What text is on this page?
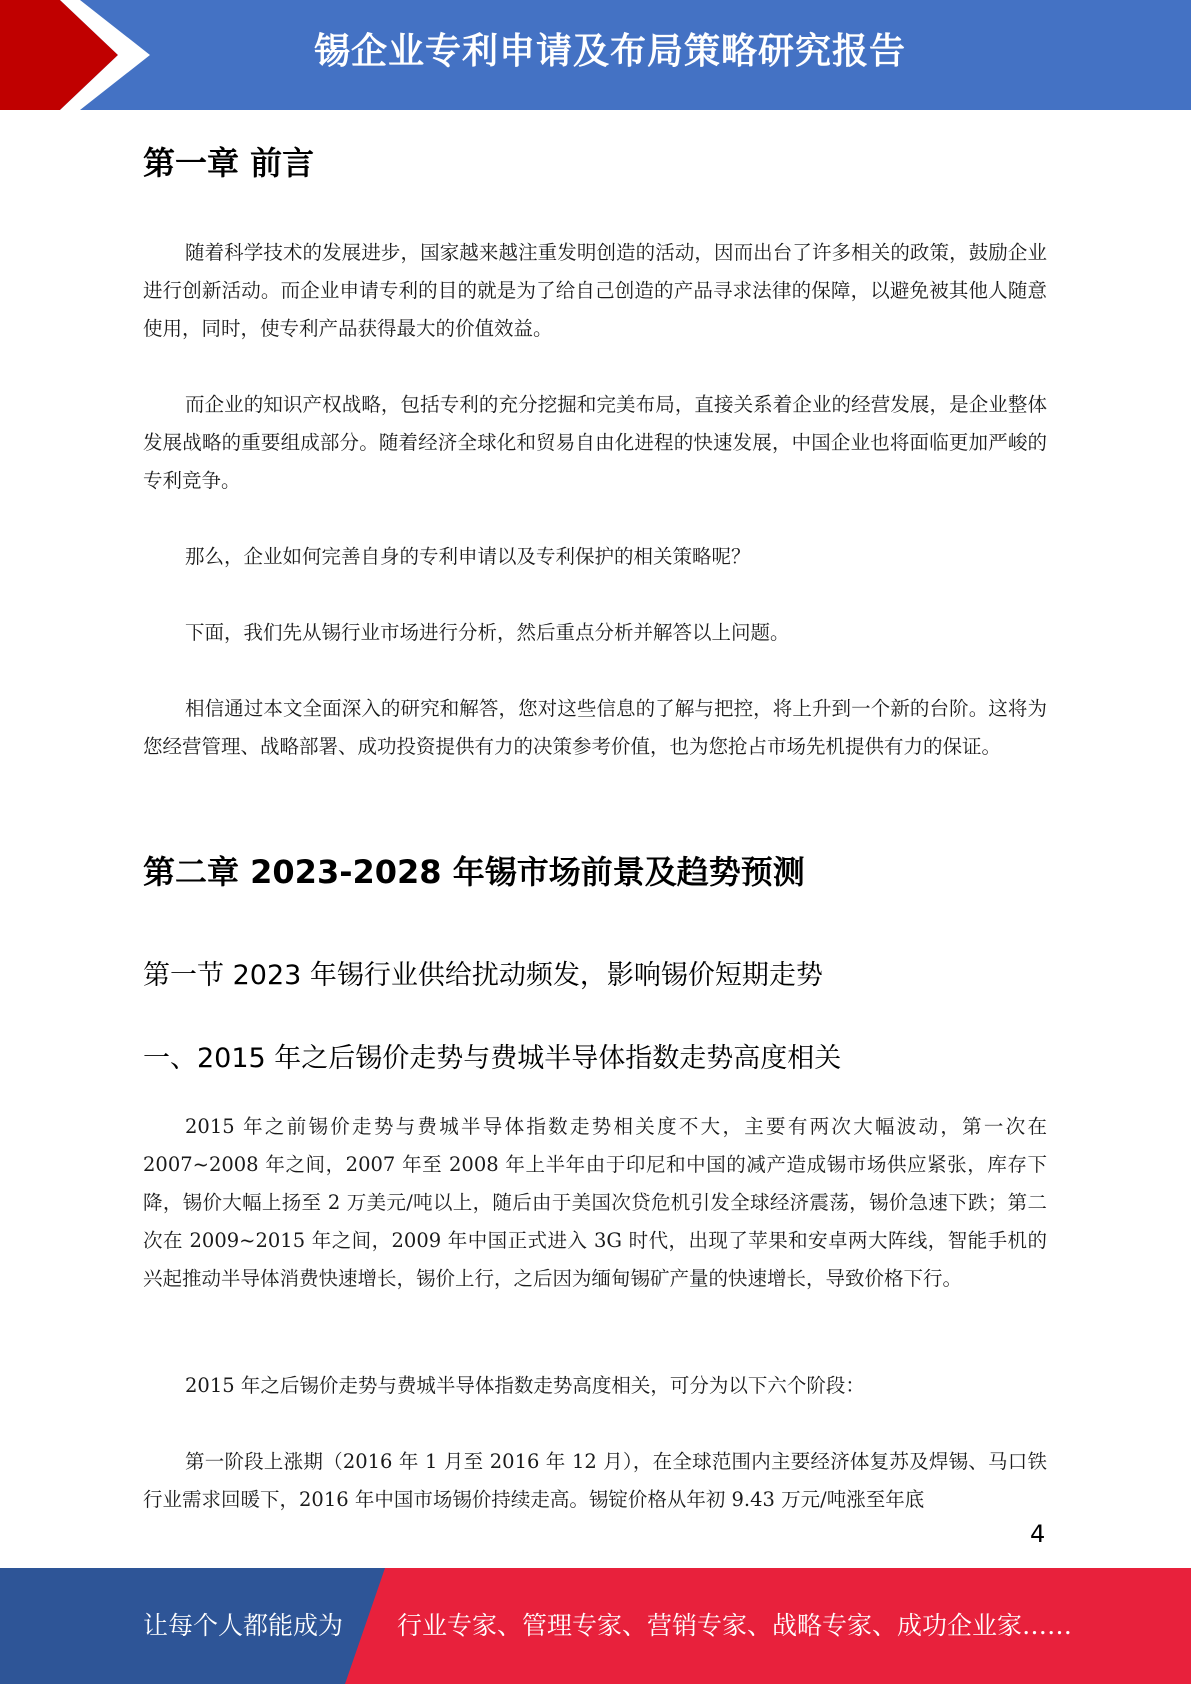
锡企业专利申请及布局策略研究报告
第一章 前言

随着科学技术的发展进步，国家越来越注重发明创造的活动，因而出台了许多相关的政策，鼓励企业进行创新活动。而企业申请专利的目的就是为了给自己创造的产品寻求法律的保障，以避免被其他人随意使用，同时，使专利产品获得最大的价值效益。

而企业的知识产权战略，包括专利的充分挖掘和完美布局，直接关系着企业的经营发展，是企业整体发展战略的重要组成部分。随着经济全球化和贸易自由化进程的快速发展，中国企业也将面临更加严峻的专利竞争。

那么，企业如何完善自身的专利申请以及专利保护的相关策略呢？

下面，我们先从锡行业市场进行分析，然后重点分析并解答以上问题。

相信通过本文全面深入的研究和解答，您对这些信息的了解与把控，将上升到一个新的台阶。这将为您经营管理、战略部署、成功投资提供有力的决策参考价值，也为您抢占市场先机提供有力的保证。

第二章 2023-2028 年锡市场前景及趋势预测
第一节 2023 年锡行业供给扰动频发，影响锡价短期走势
一、2015 年之后锡价走势与费城半导体指数走势高度相关

2015 年之前锡价走势与费城半导体指数走势相关度不大，主要有两次大幅波动，第一次在2007~2008 年之间，2007 年至 2008 年上半年由于印尼和中国的减产造成锡市场供应紧张，库存下降，锡价大幅上扬至 2 万美元/吨以上，随后由于美国次贷危机引发全球经济震荡，锡价急速下跌；第二次在 2009~2015 年之间，2009 年中国正式进入 3G 时代，出现了苹果和安卓两大阵线，智能手机的兴起推动半导体消费快速增长，锡价上行，之后因为缅甸锡矿产量的快速增长，导致价格下行。

2015 年之后锡价走势与费城半导体指数走势高度相关，可分为以下六个阶段：

第一阶段上涨期（2016 年 1 月至 2016 年 12 月），在全球范围内主要经济体复苏及焊锡、马口铁行业需求回暖下，2016 年中国市场锡价持续走高。锡锭价格从年初 9.43 万元/吨涨至年底

4
让每个人都能成为 行业专家、管理专家、营销专家、战略专家、成功企业家……
